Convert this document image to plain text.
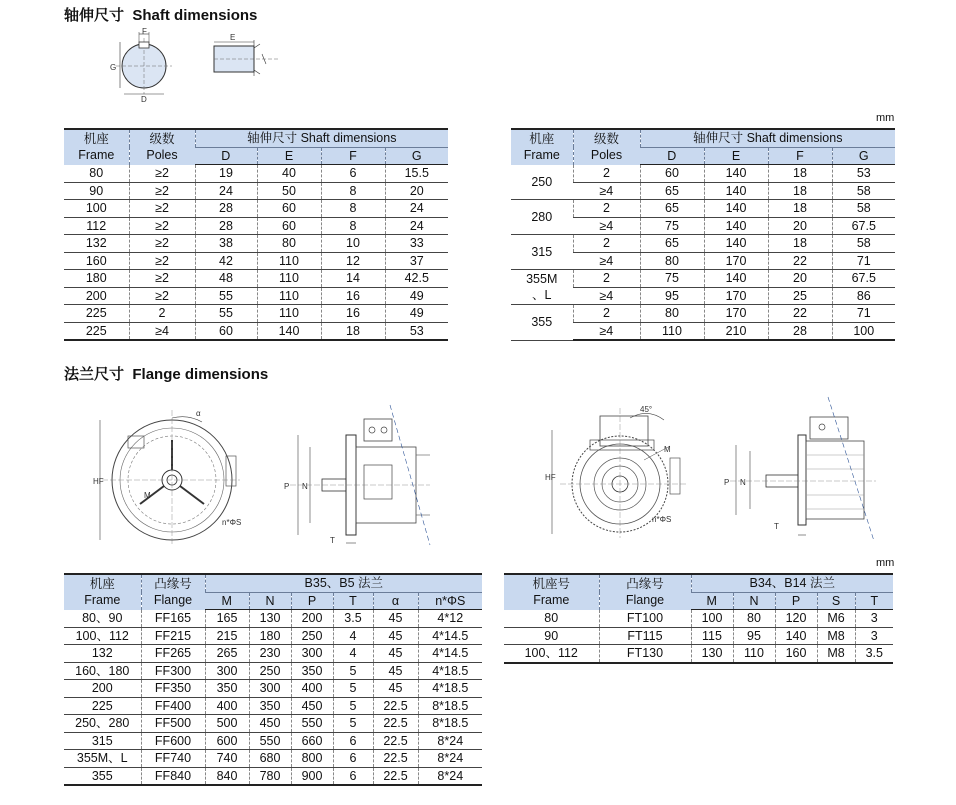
轴伸尺寸 Shaft dimensions
法兰尺寸 Flange dimensions
mm
mm
F
G
D
E
机座
Frame	级数
Poles	轴伸尺寸 Shaft dimensions			
		D	E	F	G
80	≥2	19	40	6	15.5
90	≥2	24	50	8	20
100	≥2	28	60	8	24
112	≥2	28	60	8	24
132	≥2	38	80	10	33
160	≥2	42	110	12	37
180	≥2	48	110	14	42.5
200	≥2	55	110	16	49
225	2	55	110	16	49
225	≥4	60	140	18	53
机座
Frame	级数
Poles	轴伸尺寸 Shaft dimensions			
		D	E	F	G
250	2	60	140	18	53
	≥4	65	140	18	58
280	2	65	140	18	58
	≥4	75	140	20	67.5
315	2	65	140	18	58
	≥4	80	170	22	71
355M
、L	2	75	140	20	67.5
	≥4	95	170	25	86
355	2	80	170	22	71
	≥4	110	210	28	100
HF
M
α
n*ΦS
P N
T
HF
45°
M
n*ΦS
P N
T
机座
Frame	凸缘号
Flange	B35、B5 法兰					
		M	N	P	T	α	n*ΦS
80、90	FF165	165	130	200	3.5	45	4*12
100、112	FF215	215	180	250	4	45	4*14.5
132	FF265	265	230	300	4	45	4*14.5
160、180	FF300	300	250	350	5	45	4*18.5
200	FF350	350	300	400	5	45	4*18.5
225	FF400	400	350	450	5	22.5	8*18.5
250、280	FF500	500	450	550	5	22.5	8*18.5
315	FF600	600	550	660	6	22.5	8*24
355M、L	FF740	740	680	800	6	22.5	8*24
355	FF840	840	780	900	6	22.5	8*24
机座号
Frame	凸缘号
Flange	B34、B14 法兰				
		M	N	P	S	T
80	FT100	100	80	120	M6	3
90	FT115	115	95	140	M8	3
100、112	FT130	130	110	160	M8	3.5
